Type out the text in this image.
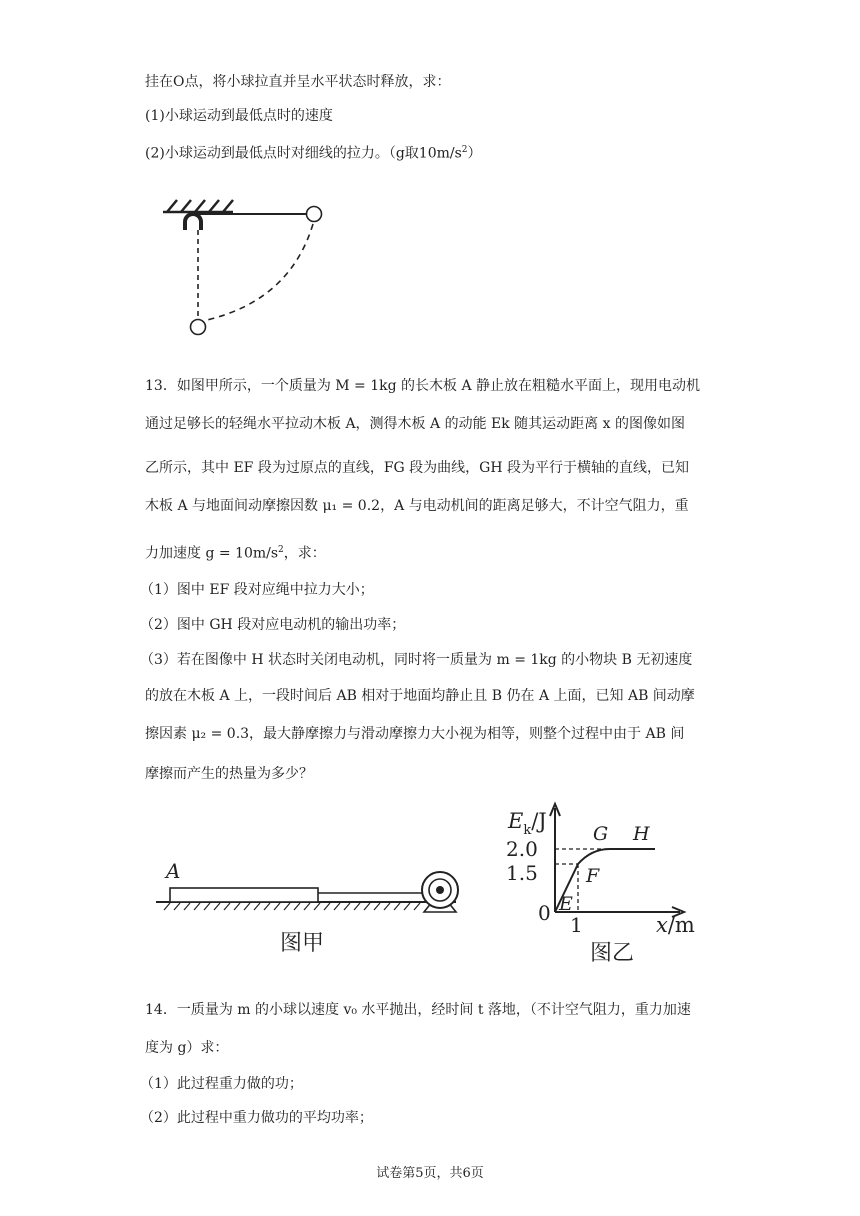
挂在O点，将小球拉直并呈水平状态时释放，求：
(1)小球运动到最低点时的速度
(2)小球运动到最低点时对细线的拉力。（g取$10m/s^2$）
13．如图甲所示，一个质量为 M = 1kg 的长木板 A 静止放在粗糙水平面上，现用电动机
通过足够长的轻绳水平拉动木板 A，测得木板 A 的动能 Ek 随其运动距离 x 的图像如图
乙所示，其中 EF 段为过原点的直线，FG 段为曲线，GH 段为平行于横轴的直线，已知
木板 A 与地面间动摩擦因数 μ₁ = 0.2，A 与电动机间的距离足够大，不计空气阻力，重
力加速度 $g = 10m/s^2$，求：
（1）图中 EF 段对应绳中拉力大小；
（2）图中 GH 段对应电动机的输出功率；
（3）若在图像中 H 状态时关闭电动机，同时将一质量为 m = 1kg 的小物块 B 无初速度
的放在木板 A 上，一段时间后 AB 相对于地面均静止且 B 仍在 A 上面，已知 AB 间动摩
擦因素 μ₂ = 0.3，最大静摩擦力与滑动摩擦力大小视为相等，则整个过程中由于 AB 间
摩擦而产生的热量为多少？
A
图甲
$E_k/J$
2.0
1.5
0 1
E
F
G H
x/m
图乙
14．一质量为 m 的小球以速度 v₀ 水平抛出，经时间 t 落地，（不计空气阻力，重力加速
度为 g）求：
（1）此过程重力做的功；
（2）此过程中重力做功的平均功率；
试卷第5页，共6页
